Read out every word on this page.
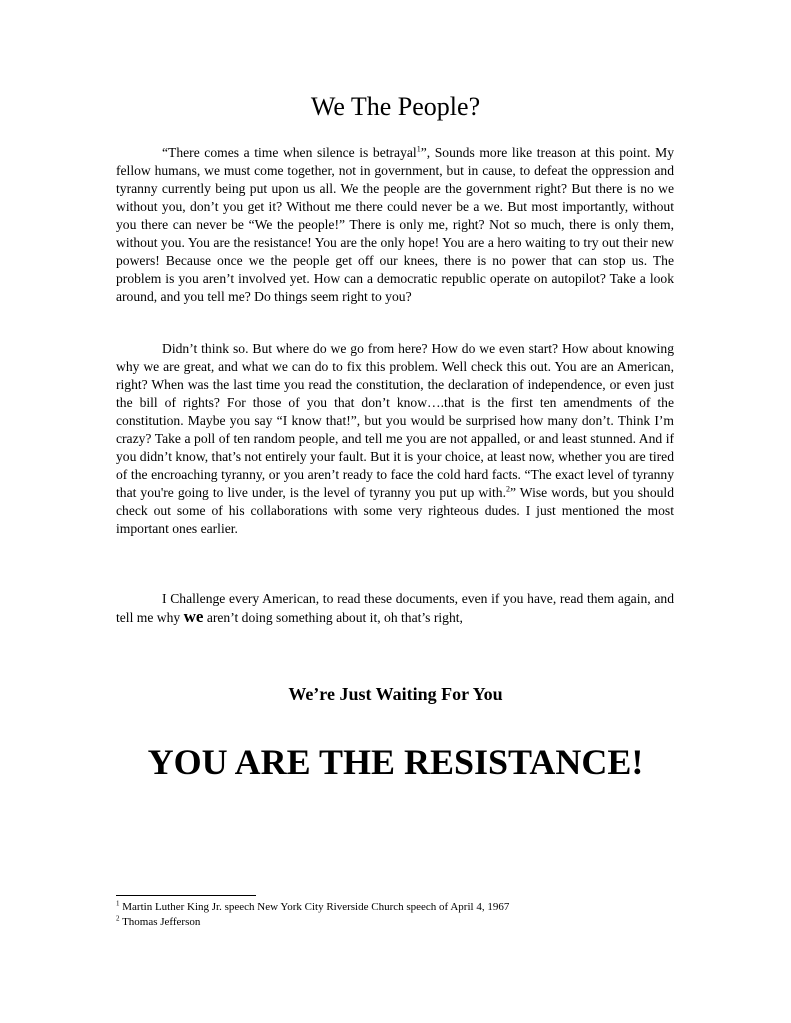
We The People?

“There comes a time when silence is betrayal$^1$”, Sounds more like treason at this point. My fellow humans, we must come together, not in government, but in cause, to defeat the oppression and tyranny currently being put upon us all. We the people are the government right? But there is no we without you, don’t you get it? Without me there could never be a we. But most importantly, without you there can never be “We the people!” There is only me, right? Not so much, there is only them, without you. You are the resistance! You are the only hope! You are a hero waiting to try out their new powers! Because once we the people get off our knees, there is no power that can stop us. The problem is you aren’t involved yet. How can a democratic republic operate on autopilot? Take a look around, and you tell me? Do things seem right to you?

Didn’t think so. But where do we go from here? How do we even start? How about knowing why we are great, and what we can do to fix this problem. Well check this out. You are an American, right? When was the last time you read the constitution, the declaration of independence, or even just the bill of rights? For those of you that don’t know….that is the first ten amendments of the constitution. Maybe you say “I know that!”, but you would be surprised how many don’t. Think I’m crazy? Take a poll of ten random people, and tell me you are not appalled, or and least stunned. And if you didn’t know, that’s not entirely your fault. But it is your choice, at least now, whether you are tired of the encroaching tyranny, or you aren’t ready to face the cold hard facts. “The exact level of tyranny that you're going to live under, is the level of tyranny you put up with.$^2$” Wise words, but you should check out some of his collaborations with some very righteous dudes. I just mentioned the most important ones earlier.

I Challenge every American, to read these documents, even if you have, read them again, and tell me why we aren’t doing something about it, oh that’s right,

We’re Just Waiting For You
YOU ARE THE RESISTANCE!
$^1$ Martin Luther King Jr. speech New York City Riverside Church speech of April 4, 1967
$^2$ Thomas Jefferson
